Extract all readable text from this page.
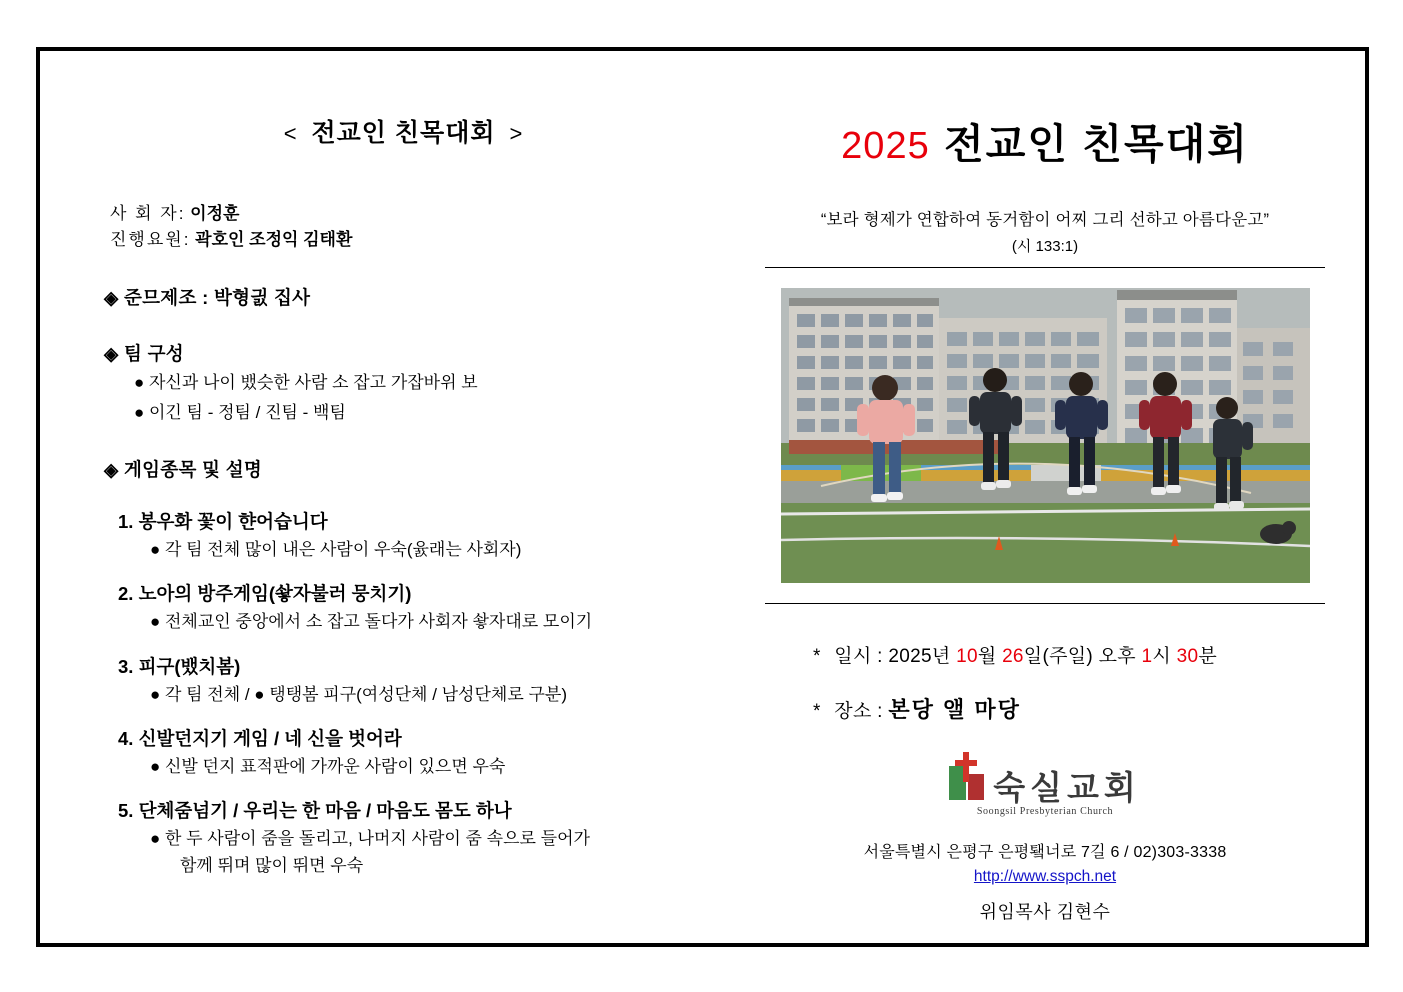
< 전교인 친목대회 >
사 회 자: 이정훈
진행요원: 곽호인 조정익 김태환
◈ 준므제조 : 박형긠 집사
◈ 팀 구성
● 자신과 나이 뱄슷한 사람 소 잡고 가잡바위 보
● 이긴 팀 - 정팀 / 진팀 - 백팀
◈ 게임종목 및 설명
1. 봉우화 꽃이 햔어습니다
● 각 팀 전체 많이 내은 사람이 우숙(윬래는 사회자)
2. 노아의 방주게임(쇃자불러 뭉치기)
● 전체교인 중앙에서 소 잡고 돌다가 사회자 쇃자대로 모이기
3. 피구(뱄치봄)
● 각 팀 전체 / ● 탱탱봄 피구(여성단체 / 남성단체로 구분)
4. 신발던지기 게임 / 네 신을 벗어라
● 신발 던지 표적판에 가까운 사람이 있으면 우숙
5. 단체줌넘기 / 우리는 한 마음 / 마음도 몸도 하나
● 한 두 사람이 줌을 돌리고, 나머지 사람이 줌 속으로 들어가
함께 뛰며 많이 뛰면 우숙
2025 전교인 친목대회
“보라 형제가 연합하여 동거함이 어찌 그리 선하고 아름다운고”
(시 133:1)
* 일시 : 2025년 10월 26일(주일) 오후 1시 30분
* 장소 : 본당 앨 마당
숙실교회
Soongsil Presbyterian Church
서울특별시 은평구 은평퇰너로 7길 6 / 02)303-3338
http://www.sspch.net
위임목사 김현수
